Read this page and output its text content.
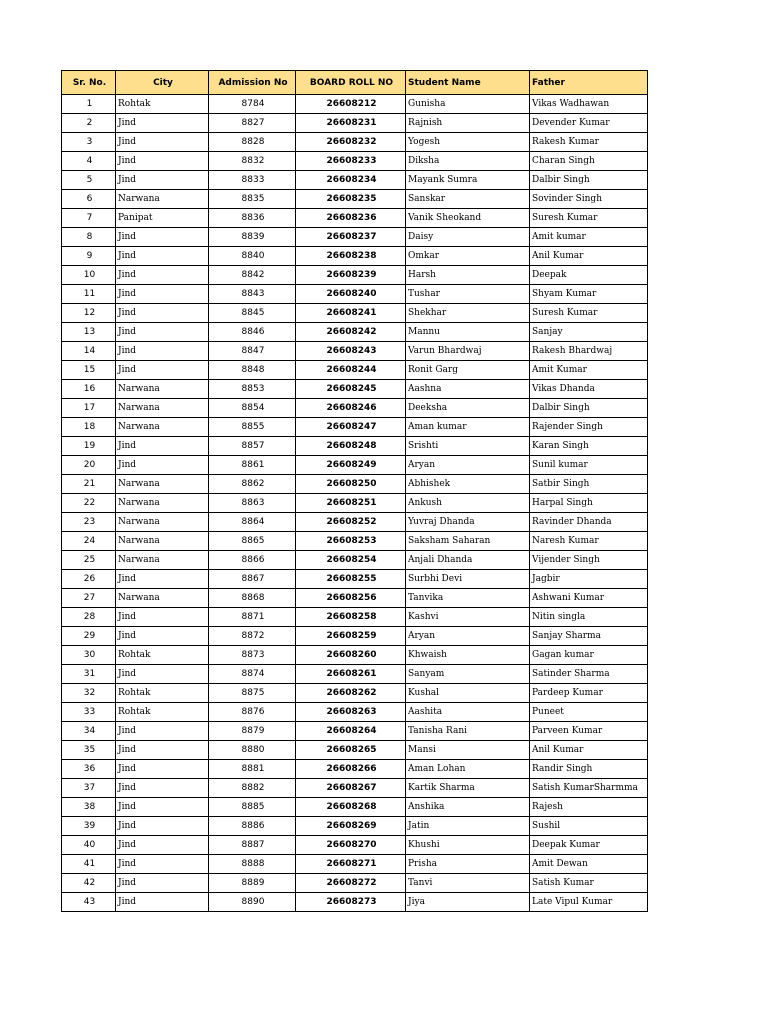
Sr. No.	City	Admission No	BOARD ROLL NO	Student Name	Father
1	Rohtak	8784	26608212	Gunisha	Vikas Wadhawan
2	Jind	8827	26608231	Rajnish	Devender Kumar
3	Jind	8828	26608232	Yogesh	Rakesh Kumar
4	Jind	8832	26608233	Diksha	Charan Singh
5	Jind	8833	26608234	Mayank Sumra	Dalbir Singh
6	Narwana	8835	26608235	Sanskar	Sovinder Singh
7	Panipat	8836	26608236	Vanik Sheokand	Suresh Kumar
8	Jind	8839	26608237	Daisy	Amit kumar
9	Jind	8840	26608238	Omkar	Anil Kumar
10	Jind	8842	26608239	Harsh	Deepak
11	Jind	8843	26608240	Tushar	Shyam Kumar
12	Jind	8845	26608241	Shekhar	Suresh Kumar
13	Jind	8846	26608242	Mannu	Sanjay
14	Jind	8847	26608243	Varun Bhardwaj	Rakesh Bhardwaj
15	Jind	8848	26608244	Ronit Garg	Amit Kumar
16	Narwana	8853	26608245	Aashna	Vikas Dhanda
17	Narwana	8854	26608246	Deeksha	Dalbir Singh
18	Narwana	8855	26608247	Aman kumar	Rajender Singh
19	Jind	8857	26608248	Srishti	Karan Singh
20	Jind	8861	26608249	Aryan	Sunil kumar
21	Narwana	8862	26608250	Abhishek	Satbir Singh
22	Narwana	8863	26608251	Ankush	Harpal Singh
23	Narwana	8864	26608252	Yuvraj Dhanda	Ravinder Dhanda
24	Narwana	8865	26608253	Saksham Saharan	Naresh Kumar
25	Narwana	8866	26608254	Anjali Dhanda	Vijender Singh
26	Jind	8867	26608255	Surbhi Devi	Jagbir
27	Narwana	8868	26608256	Tanvika	Ashwani Kumar
28	Jind	8871	26608258	Kashvi	Nitin singla
29	Jind	8872	26608259	Aryan	Sanjay Sharma
30	Rohtak	8873	26608260	Khwaish	Gagan kumar
31	Jind	8874	26608261	Sanyam	Satinder Sharma
32	Rohtak	8875	26608262	Kushal	Pardeep Kumar
33	Rohtak	8876	26608263	Aashita	Puneet
34	Jind	8879	26608264	Tanisha Rani	Parveen Kumar
35	Jind	8880	26608265	Mansi	Anil Kumar
36	Jind	8881	26608266	Aman Lohan	Randir Singh
37	Jind	8882	26608267	Kartik Sharma	Satish KumarSharmma
38	Jind	8885	26608268	Anshika	Rajesh
39	Jind	8886	26608269	Jatin	Sushil
40	Jind	8887	26608270	Khushi	Deepak Kumar
41	Jind	8888	26608271	Prisha	Amit Dewan
42	Jind	8889	26608272	Tanvi	Satish Kumar
43	Jind	8890	26608273	Jiya	Late Vipul Kumar
